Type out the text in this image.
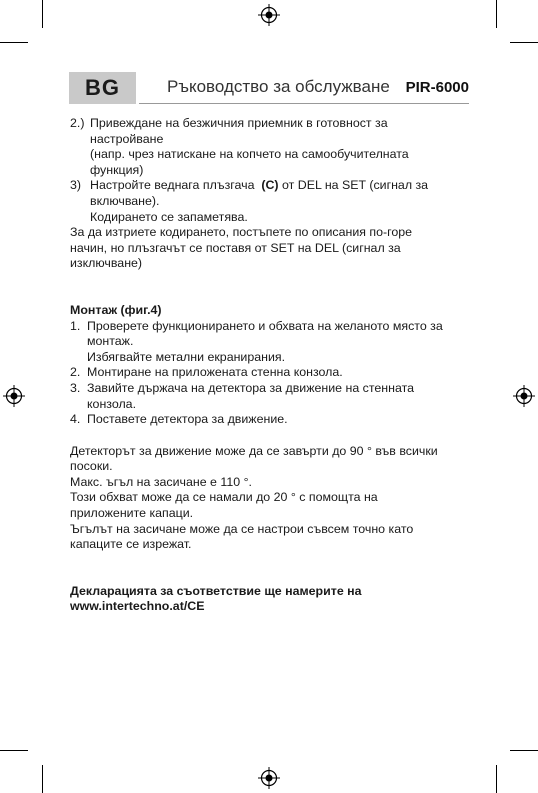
BG	Ръководство за обслужване PIR-6000
2.) Привеждане на безжичния приемник в готовност за

настройване

(напр. чрез натискане на копчето на самообучителната

функция)

3) Настройте веднага плъзгача (C) от DEL на SET (сигнал за

включване).

Кодирането се запаметява.

За да изтриете кодирането, постъпете по описания по-горе

начин, но плъзгачът се поставя от SET на DEL (сигнал за

изключване)

Монтаж (фиг.4)

1. Проверете функционирането и обхвата на желаното място за

монтаж.

Избягвайте метални екранирания.

2. Монтиране на приложената стенна конзола.

3. Завийте държача на детектора за движение на стенната

конзола.

4. Поставете детектора за движение.

Детекторът за движение може да се завърти до 90 ° във всички

посоки.

Макс. ъгъл на засичане е 110 °.

Този обхват може да се намали до 20 ° с помощта на

приложените капаци.

Ъгълът на засичане може да се настрои съвсем точно като

капаците се изрежат.

Декларацията за съответствие ще намерите на

www.intertechno.at/CE
